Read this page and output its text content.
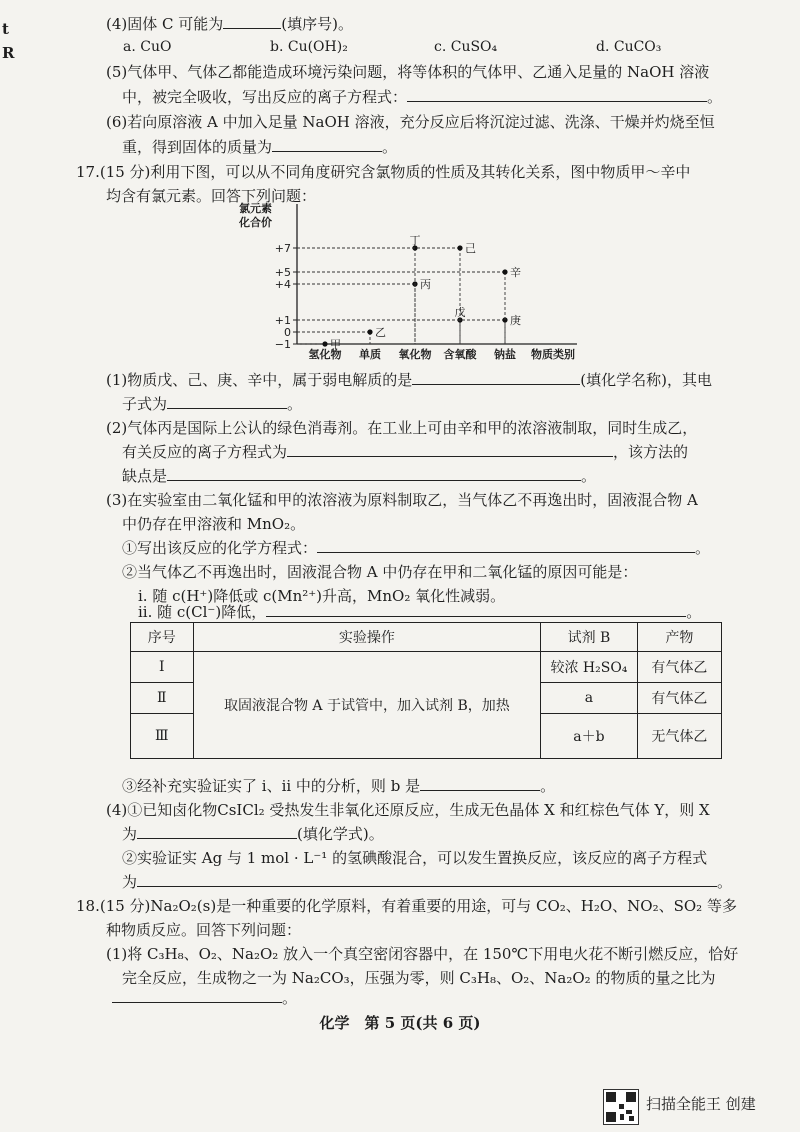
t
R
(4)固体 C 可能为	(填序号)。
a. CuO	b. Cu(OH)₂	c. CuSO₄	d. CuCO₃
(5)气体甲、气体乙都能造成环境污染问题，将等体积的气体甲、乙通入足量的 NaOH 溶液
中，被完全吸收，写出反应的离子方程式：	。
(6)若向原溶液 A 中加入足量 NaOH 溶液，充分反应后将沉淀过滤、洗涤、干燥并灼烧至恒
重，得到固体的质量为	。
17.(15 分)利用下图，可以从不同角度研究含氯物质的性质及其转化关系，图中物质甲～辛中
均含有氯元素。回答下列问题：
氯元素
化合价
+7
+5
+4
+1
0
−1
氢化物 单质 氧化物 含氧酸 钠盐 物质类别
甲
乙
丙
丁
戊
己
庚
辛
(1)物质戊、己、庚、辛中，属于弱电解质的是	(填化学名称)，其电
子式为	。
(2)气体丙是国际上公认的绿色消毒剂。在工业上可由辛和甲的浓溶液制取，同时生成乙，
有关反应的离子方程式为	，该方法的
缺点是	。
(3)在实验室由二氧化锰和甲的浓溶液为原料制取乙，当气体乙不再逸出时，固液混合物 A
中仍存在甲溶液和 MnO₂。
①写出该反应的化学方程式：	。
②当气体乙不再逸出时，固液混合物 A 中仍存在甲和二氧化锰的原因可能是：
i. 随 c(H⁺)降低或 c(Mn²⁺)升高，MnO₂ 氧化性减弱。
ii. 随 c(Cl⁻)降低，	。
序号	实验操作	试剂 B	产物
Ⅰ	取固液混合物 A 于试管中，加入试剂 B，加热	较浓 H₂SO₄	有气体乙
Ⅱ		a	有气体乙
Ⅲ		a＋b	无气体乙
③经补充实验证实了 i、ii 中的分析，则 b 是	。
(4)①已知卤化物CsICl₂ 受热发生非氧化还原反应，生成无色晶体 X 和红棕色气体 Y，则 X
为	(填化学式)。
②实验证实 Ag 与 1 mol · L⁻¹ 的氢碘酸混合，可以发生置换反应，该反应的离子方程式
为	。
18.(15 分)Na₂O₂(s)是一种重要的化学原料，有着重要的用途，可与 CO₂、H₂O、NO₂、SO₂ 等多
种物质反应。回答下列问题：
(1)将 C₃H₈、O₂、Na₂O₂ 放入一个真空密闭容器中，在 150℃下用电火花不断引燃反应，恰好
完全反应，生成物之一为 Na₂CO₃，压强为零，则 C₃H₈、O₂、Na₂O₂ 的物质的量之比为
。
化学　第 5 页(共 6 页)
扫描全能王 创建
